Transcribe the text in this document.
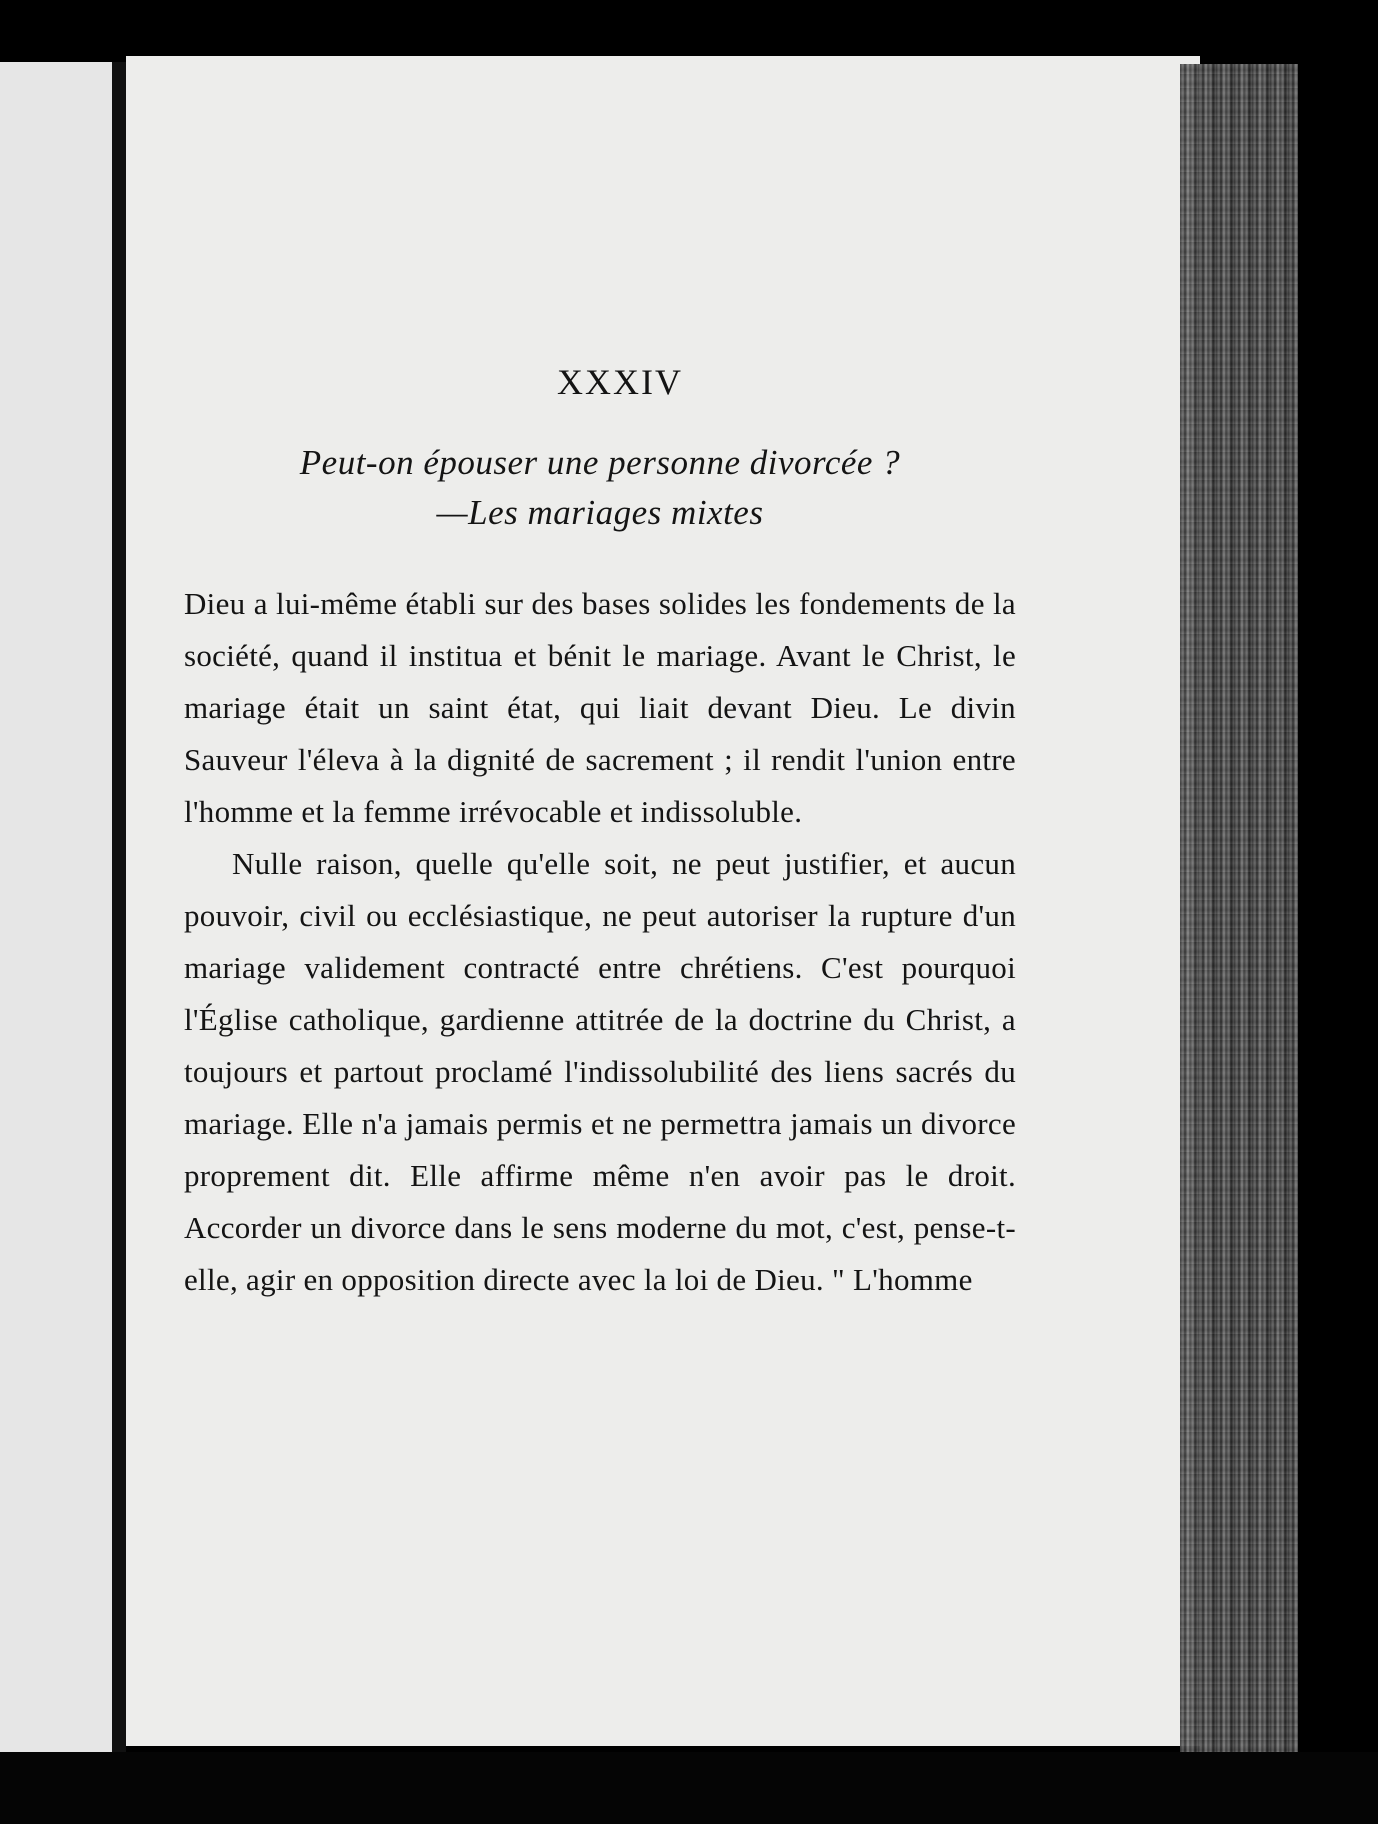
XXXIV
Peut-on épouser une personne divorcée ?
—Les mariages mixtes

Dieu a lui-même établi sur des bases solides les fondements de la société, quand il institua et bénit le mariage. Avant le Christ, le mariage était un saint état, qui liait devant Dieu. Le divin Sauveur l'éleva à la dignité de sacrement ; il rendit l'union entre l'homme et la femme irrévocable et indissoluble.

Nulle raison, quelle qu'elle soit, ne peut justifier, et aucun pouvoir, civil ou ecclésiastique, ne peut autoriser la rupture d'un mariage validement contracté entre chrétiens. C'est pourquoi l'Église catholique, gardienne attitrée de la doctrine du Christ, a toujours et partout proclamé l'indissolubilité des liens sacrés du mariage. Elle n'a jamais permis et ne permettra jamais un divorce proprement dit. Elle affirme même n'en avoir pas le droit. Accorder un divorce dans le sens moderne du mot, c'est, pense-t-elle, agir en opposition directe avec la loi de Dieu. " L'homme
